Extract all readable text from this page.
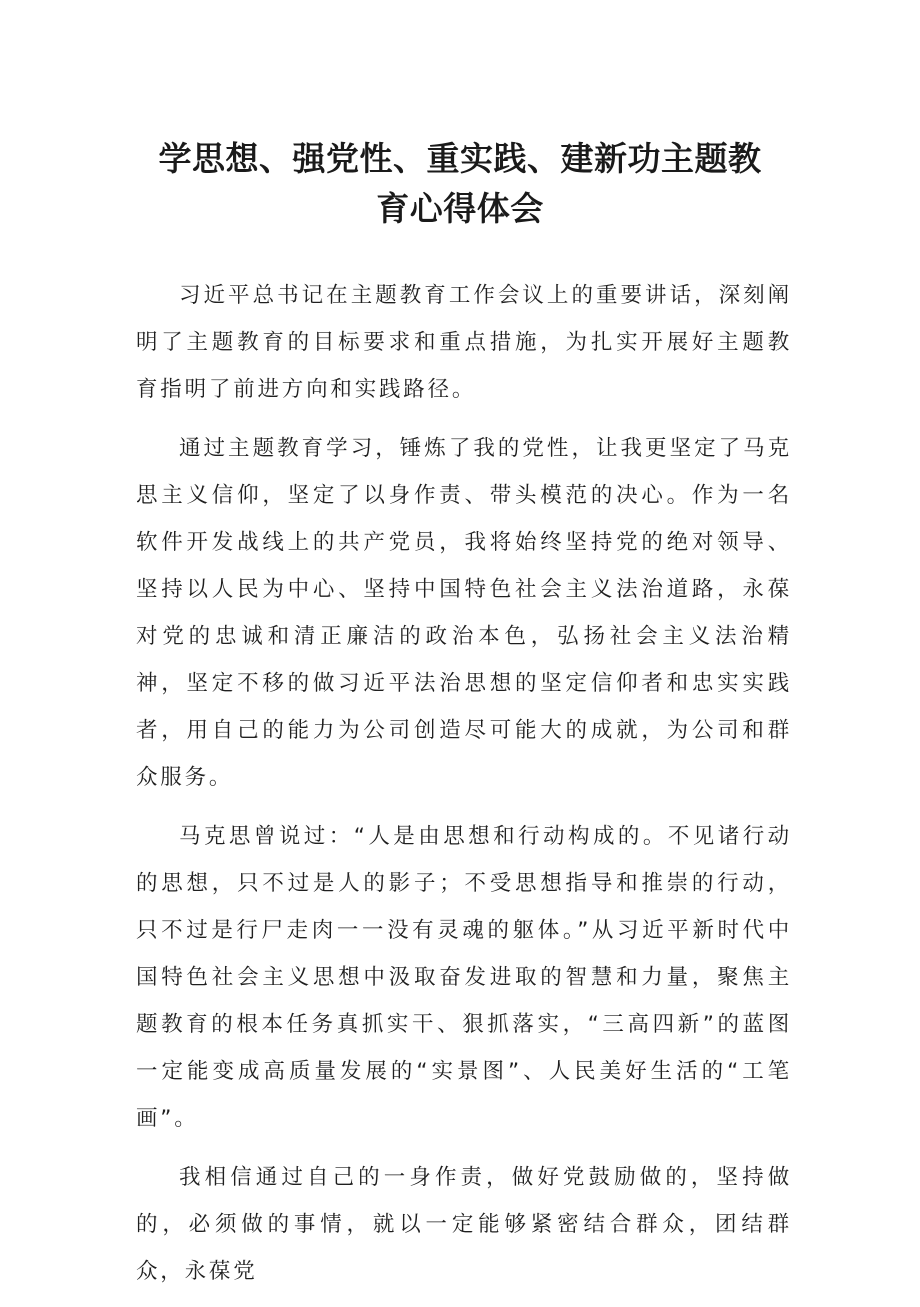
学思想、强党性、重实践、建新功主题教
育心得体会

习近平总书记在主题教育工作会议上的重要讲话，深刻阐明了主题教育的目标要求和重点措施，为扎实开展好主题教育指明了前进方向和实践路径。

通过主题教育学习，锤炼了我的党性，让我更坚定了马克思主义信仰，坚定了以身作责、带头模范的决心。作为一名软件开发战线上的共产党员，我将始终坚持党的绝对领导、坚持以人民为中心、坚持中国特色社会主义法治道路，永葆对党的忠诚和清正廉洁的政治本色，弘扬社会主义法治精神，坚定不移的做习近平法治思想的坚定信仰者和忠实实践者，用自己的能力为公司创造尽可能大的成就，为公司和群众服务。

马克思曾说过：“人是由思想和行动构成的。不见诸行动的思想，只不过是人的影子；不受思想指导和推崇的行动，只不过是行尸走肉一一没有灵魂的躯体。”从习近平新时代中国特色社会主义思想中汲取奋发进取的智慧和力量，聚焦主题教育的根本任务真抓实干、狠抓落实，“三高四新”的蓝图一定能变成高质量发展的“实景图”、人民美好生活的“工笔画”。

我相信通过自己的一身作责，做好党鼓励做的，坚持做的，必须做的事情，就以一定能够紧密结合群众，团结群众，永葆党
